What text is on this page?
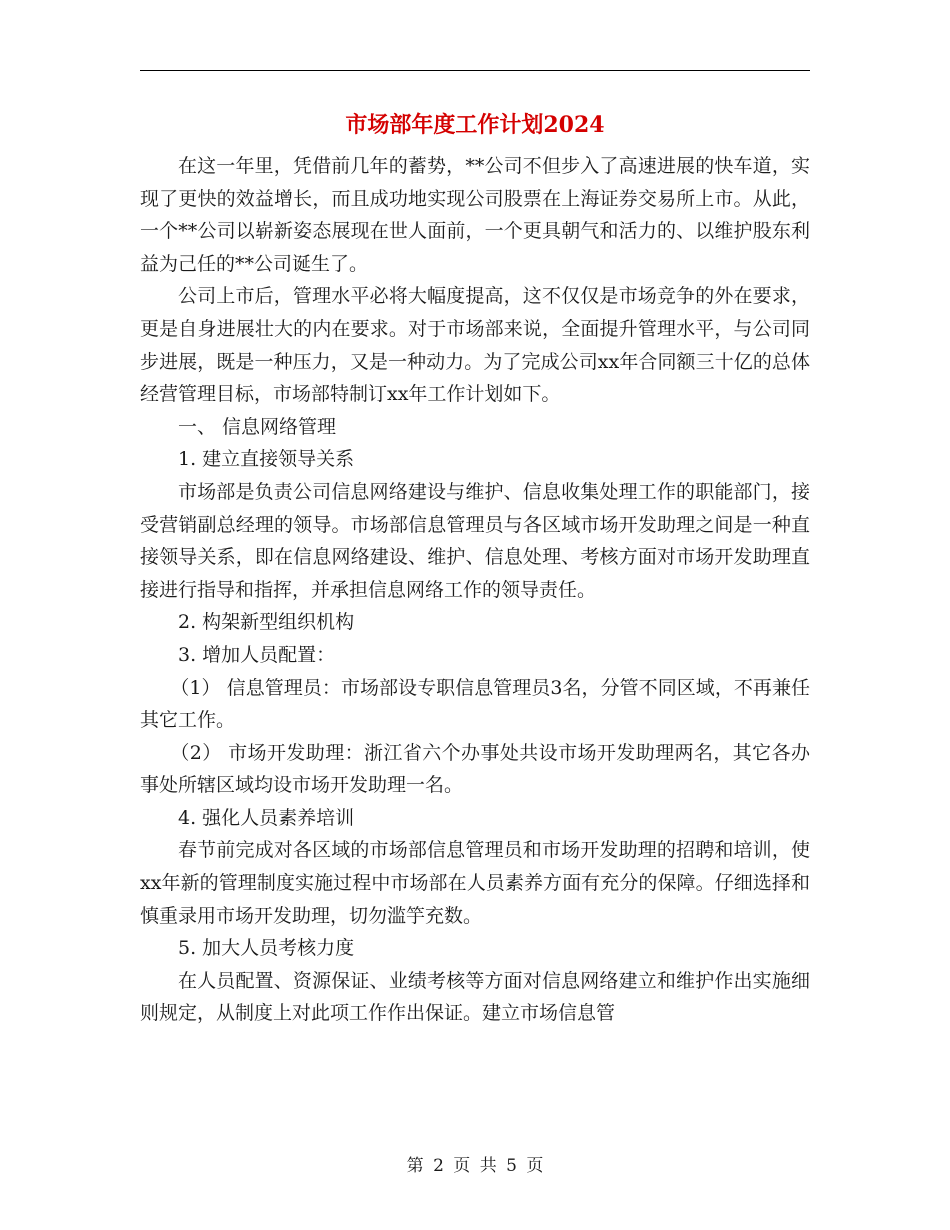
市场部年度工作计划2024

在这一年里，凭借前几年的蓄势，**公司不但步入了高速进展的快车道，实现了更快的效益增长，而且成功地实现公司股票在上海证券交易所上市。从此，一个**公司以崭新姿态展现在世人面前，一个更具朝气和活力的、以维护股东利益为己任的**公司诞生了。

公司上市后，管理水平必将大幅度提高，这不仅仅是市场竞争的外在要求，更是自身进展壮大的内在要求。对于市场部来说，全面提升管理水平，与公司同步进展，既是一种压力，又是一种动力。为了完成公司xx年合同额三十亿的总体经营管理目标，市场部特制订xx年工作计划如下。

一、 信息网络管理

1. 建立直接领导关系

市场部是负责公司信息网络建设与维护、信息收集处理工作的职能部门，接受营销副总经理的领导。市场部信息管理员与各区域市场开发助理之间是一种直接领导关系，即在信息网络建设、维护、信息处理、考核方面对市场开发助理直接进行指导和指挥，并承担信息网络工作的领导责任。

2. 构架新型组织机构

3. 增加人员配置：

（1） 信息管理员：市场部设专职信息管理员3名，分管不同区域，不再兼任其它工作。

（2） 市场开发助理：浙江省六个办事处共设市场开发助理两名，其它各办事处所辖区域均设市场开发助理一名。

4. 强化人员素养培训

春节前完成对各区域的市场部信息管理员和市场开发助理的招聘和培训，使xx年新的管理制度实施过程中市场部在人员素养方面有充分的保障。仔细选择和慎重录用市场开发助理，切勿滥竽充数。

5. 加大人员考核力度

在人员配置、资源保证、业绩考核等方面对信息网络建立和维护作出实施细则规定，从制度上对此项工作作出保证。建立市场信息管

第 2 页 共 5 页
